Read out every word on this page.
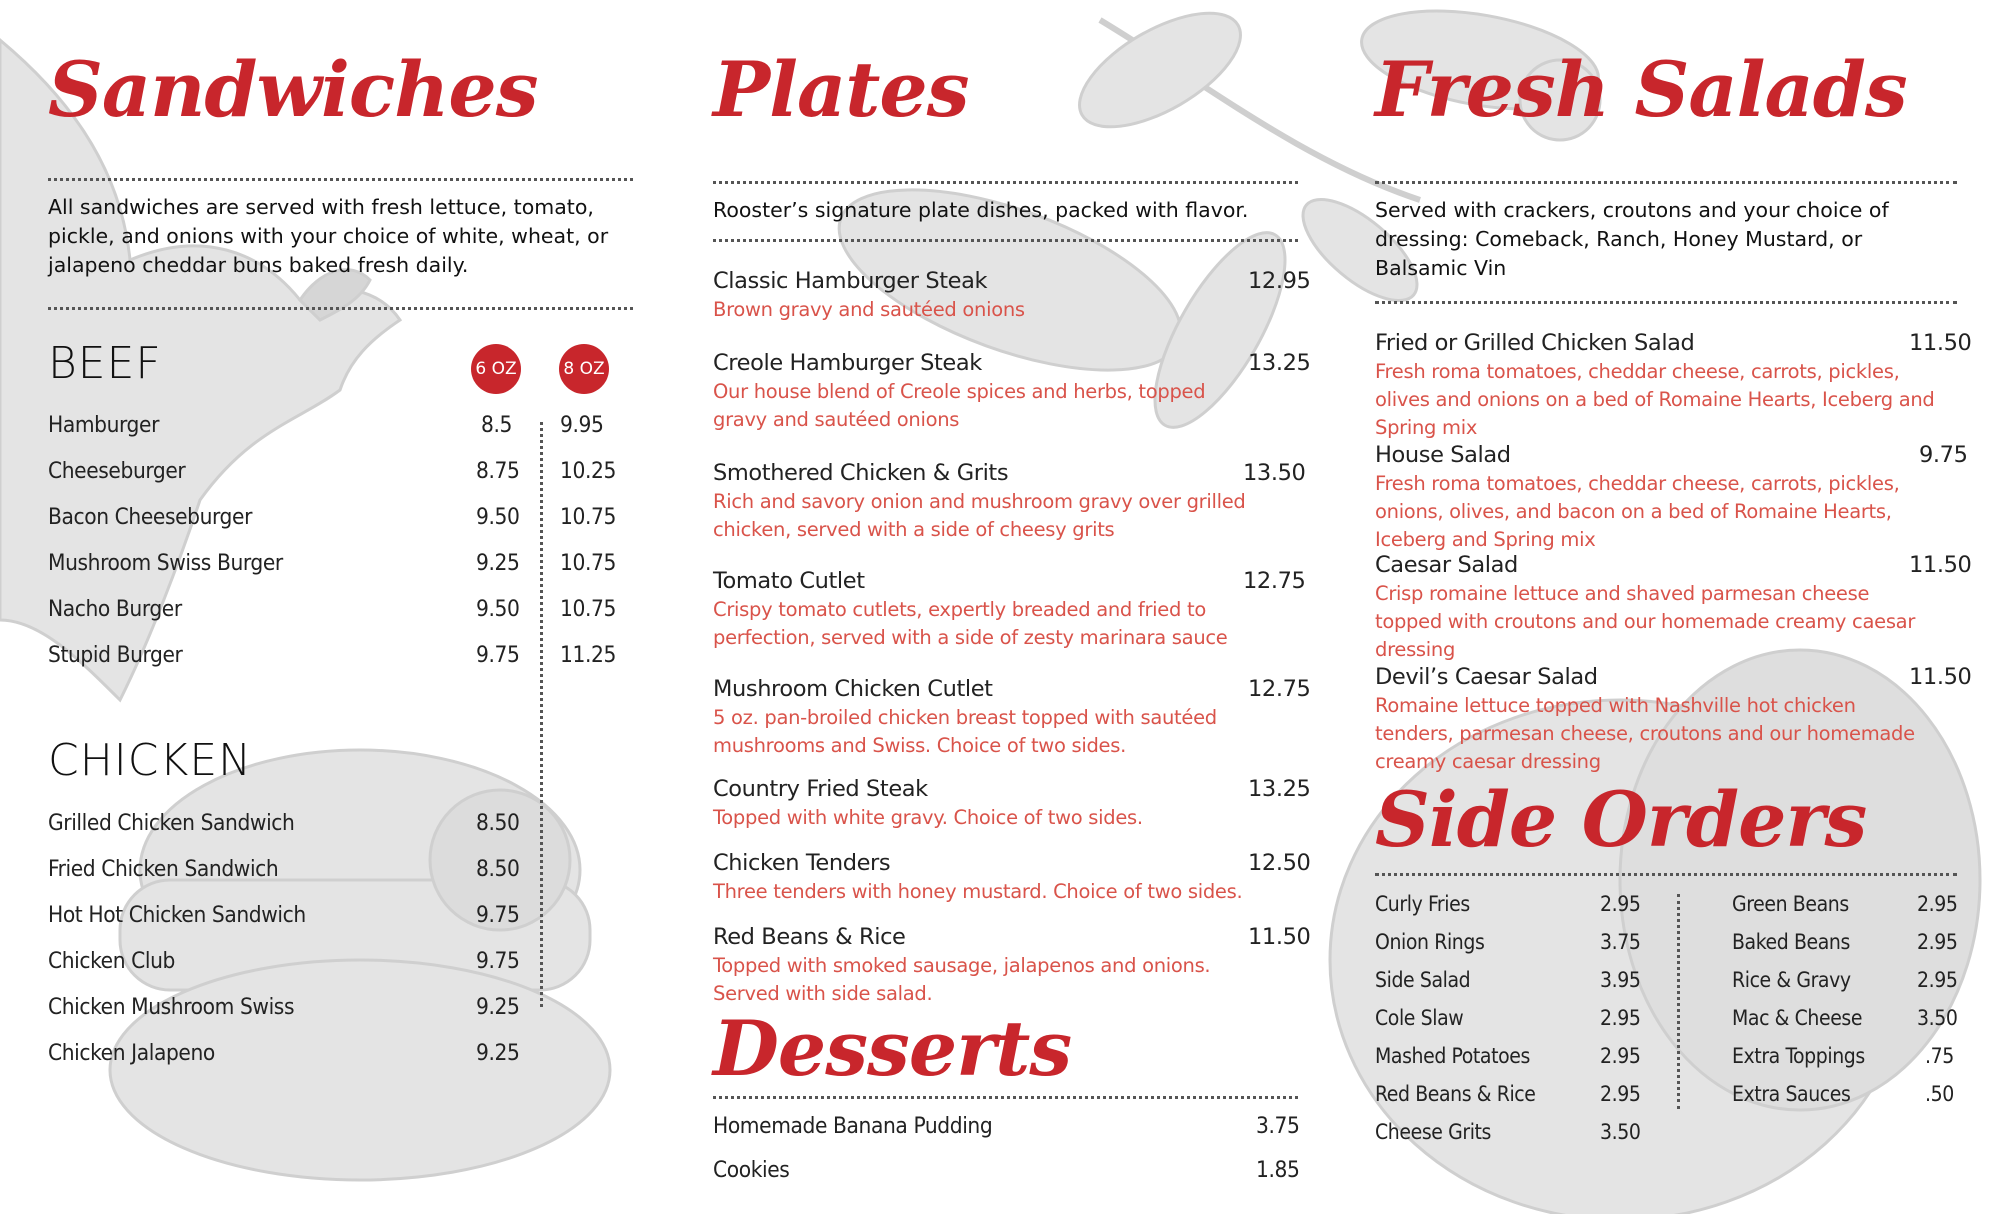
Sandwiches
All sandwiches are served with fresh lettuce, tomato, pickle, and onions with your choice of white, wheat, or jalapeno cheddar buns baked fresh daily.
BEEF	6 OZ	8 OZ
Hamburger	8.5 9.95
Cheeseburger	8.75 10.25
Bacon Cheeseburger	9.50 10.75
Mushroom Swiss Burger	9.25 10.75
Nacho Burger	9.50 10.75
Stupid Burger	9.75 11.25
CHICKEN
Grilled Chicken Sandwich	8.50
Fried Chicken Sandwich	8.50
Hot Hot Chicken Sandwich	9.75
Chicken Club	9.75
Chicken Mushroom Swiss	9.25
Chicken Jalapeno	9.25
Plates
Rooster’s signature plate dishes, packed with flavor.
Classic Hamburger Steak	12.95
Brown gravy and sautéed onions
Creole Hamburger Steak	13.25
Our house blend of Creole spices and herbs, topped gravy and sautéed onions
Smothered Chicken & Grits	13.50
Rich and savory onion and mushroom gravy over grilled chicken, served with a side of cheesy grits
Tomato Cutlet	12.75
Crispy tomato cutlets, expertly breaded and fried to perfection, served with a side of zesty marinara sauce
Mushroom Chicken Cutlet	12.75
5 oz. pan-broiled chicken breast topped with sautéed mushrooms and Swiss. Choice of two sides.
Country Fried Steak	13.25
Topped with white gravy. Choice of two sides.
Chicken Tenders	12.50
Three tenders with honey mustard. Choice of two sides.
Red Beans & Rice	11.50
Topped with smoked sausage, jalapenos and onions. Served with side salad.
Desserts
Homemade Banana Pudding	3.75
Cookies	1.85
Fresh Salads
Served with crackers, croutons and your choice of dressing: Comeback, Ranch, Honey Mustard, or Balsamic Vin
Fried or Grilled Chicken Salad	11.50
Fresh roma tomatoes, cheddar cheese, carrots, pickles, olives and onions on a bed of Romaine Hearts, Iceberg and Spring mix
House Salad	9.75
Fresh roma tomatoes, cheddar cheese, carrots, pickles, onions, olives, and bacon on a bed of Romaine Hearts, Iceberg and Spring mix
Caesar Salad	11.50
Crisp romaine lettuce and shaved parmesan cheese topped with croutons and our homemade creamy caesar dressing
Devil’s Caesar Salad	11.50
Romaine lettuce topped with Nashville hot chicken tenders, parmesan cheese, croutons and our homemade creamy caesar dressing
Side Orders
Curly Fries	2.95
Onion Rings	3.75
Side Salad	3.95
Cole Slaw	2.95
Mashed Potatoes	2.95
Red Beans & Rice	2.95
Cheese Grits	3.50
Green Beans	2.95
Baked Beans	2.95
Rice & Gravy	2.95
Mac & Cheese	3.50
Extra Toppings	.75
Extra Sauces	.50
